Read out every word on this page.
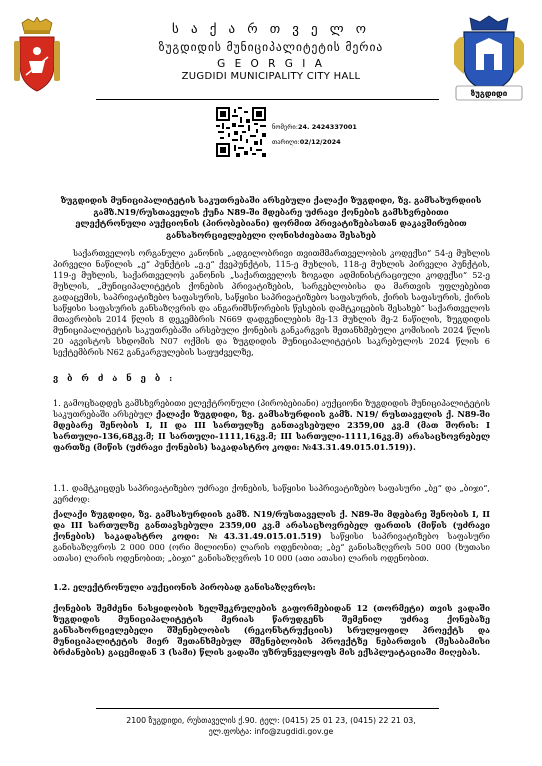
ს ა ქ ა რ თ ვ ე ლ ო
ზუგდიდის მუნიციპალიტეტის მერია
G E O R G I A
ZUGDIDI MUNICIPALITY CITY HALL
ზუგდიდი
ნომერი:24. 2424337001
თარიღი:02/12/2024
ზუგდიდის მუნიციპალიტეტის საკუთრებაში არსებული ქალაქი ზუგდიდი, ზვ. გამსახურდიის გამზ.N19/რუსთაველის ქუჩა N89-ში მდებარე უძრავი ქონების გამსხვრებითი ელექტრონული აუქციონის (პირობებიანი) ფორმით პრივატიზებასთან დაკავშირებით განსახორციელებელი ღონისძიებათა შესახებ
საქართველოს ორგანული კანონის „ადგილობრივი თვითმმართველობის კოდექსი“ 54-ე მუხლის პირველი ნაწილის „ე“ პუნქტის „ე.ე“ ქვეპუნქტის, 115-ე მუხლის, 118-ე მუხლის პირველი პუნქტის, 119-ე მუხლის, საქართველოს კანონის „საქართველოს ზოგადი ადმინისტრაციული კოდექსი“ 52-ე მუხლის, „მუნიციპალიტეტის ქონების პრივატიზების, სარგებლობისა და მართვის უფლებებით გადაცემის, საპრივატიზებო საფასურის, საწყისი საპრივატიზებო საფასურის, ქირის საფასურის, ქირის საწყისი საფასურის განსაზღვრის და ანგარიშსწორების წესების დამტკიცების შესახებ“ საქართველოს მთავრობის 2014 წლის 8 დეკემბრის N669 დადგენილების მე-13 მუხლის მე-2 ნაწილის, ზუგდიდის მუნიციპალიტეტის საკუთრებაში არსებული ქონების განკარგვის შეთანხმებული კომისიის 2024 წლის 20 აგვისტოს სხდომის N07 ოქმის და ზუგდიდის მუნიციპალიტეტის საკრებულოს 2024 წლის 6 სექტემბრის N62 განკარგულების საფუძველზე,
ვ ბ რ ძ ა ნ ე ბ :
1. გამოცხადდეს გამსხვრებითი ელექტრონული (პირობებიანი) აუქციონი ზუგდიდის მუნიციპალიტეტის საკუთრებაში არსებულ ქალაქი ზუგდიდი, ზვ. გამსახურდიის გამზ. N19/ რუსთაველის ქ. N89-ში მდებარე შენობის I, II და III სართულზე განთავსებული 2359,00 კვ.მ (მათ შორის: I სართული-136,68კვ.მ; II სართული-1111,16კვ.მ; III სართული-1111,16კვ.მ) არასაცხოვრებელ ფართზე (მიწის (უძრავი ქონების) საკადასტრო კოდი: №43.31.49.015.01.519)).
1.1. დამტკიცდეს საპრივატიზებო უძრავი ქონების, საწყისი საპრივატიზებო საფასური „ბე“ და „ბიჯი“, კერძოდ:
ქალაქი ზუგდიდი, ზვ. გამსახურდიის გამზ. N19/რუსთაველის ქ. N89-ში მდებარე შენობის I, II და III სართულზე განთავსებული 2359,00 კვ.მ არასაცხოვრებელ ფართის (მიწის (უძრავი ქონების) საკადასტრო კოდი: №43.31.49.015.01.519) საწყისი საპრივატიზებო საფასური განისაზღვროს 2 000 000 (ორი მილიონი) ლარის ოდენობით; „ბე“ განისაზღვროს 500 000 (ხუთასი ათასი) ლარის ოდენობით; „ბიჯი“ განისაზღვროს 10 000 (ათი ათასი) ლარის ოდენობით.
1.2. ელექტრონული აუქციონის პირობად განისაზღვროს:
ქონების შემძენი ნასყიდობის ხელშეკრულების გაფორმებიდან 12 (თორმეტი) თვის ვადაში ზუგდიდის მუნიციპალიტეტის მერიას წარუდგენს შემენილ უძრავ ქონებაზე განსახორციელებელი შშენებლობის (რეკონსტრუქციის) სრულყოფილ პროექტს და მუნიციპალიტეტის მიერ შეთანხმებულ მშენებლობის პროექტზე ნებართვის (შესაბამისი ბრძანების) გაცემიდან 3 (სამი) წლის ვადაში უზრუნველყოფს მის ექსპლუატაციაში მიღებას.
2100 ზუგდიდი, რუსთაველის ქ.90. ტელ: (0415) 25 01 23, (0415) 22 21 03,
ელ.ფოსტა: info@zugdidi.gov.ge
